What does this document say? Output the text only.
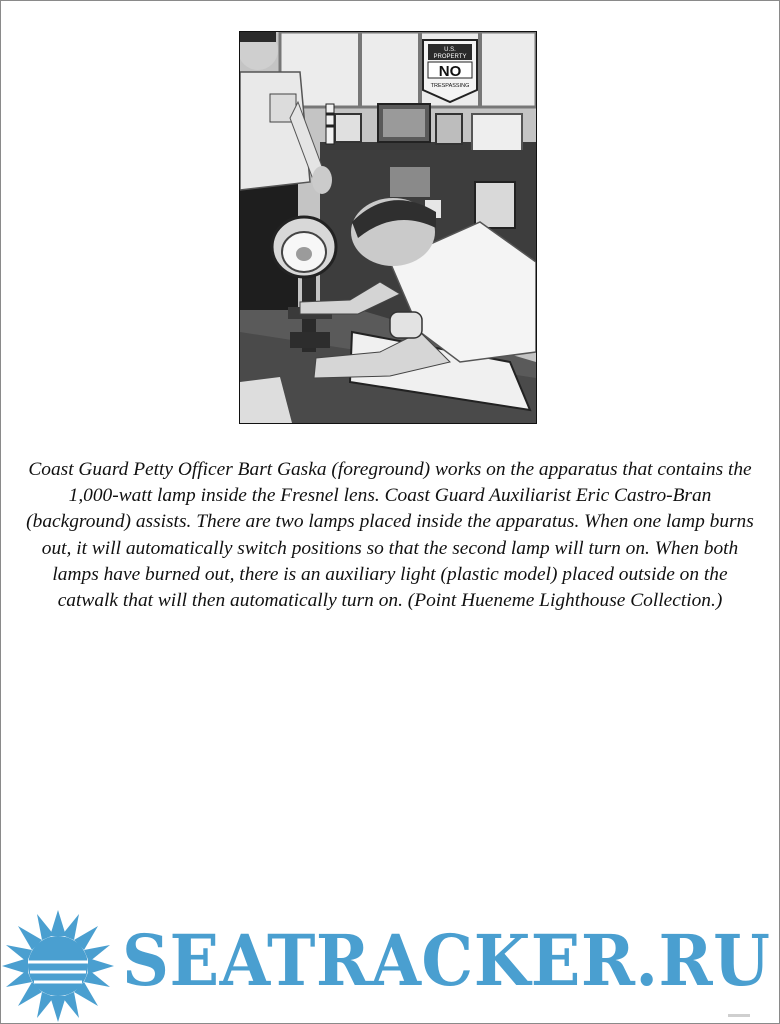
U.S.
PROPERTY
NO
TRESPASSING

Coast Guard Petty Officer Bart Gaska (foreground) works on the apparatus that contains the 1,000-watt lamp inside the Fresnel lens. Coast Guard Auxiliarist Eric Castro-Bran (background) assists. There are two lamps placed inside the apparatus. When one lamp burns out, it will automatically switch positions so that the second lamp will turn on. When both lamps have burned out, there is an auxiliary light (plastic model) placed outside on the catwalk that will then automatically turn on. (Point Hueneme Lighthouse Collection.)

SEATRACKER.RU
